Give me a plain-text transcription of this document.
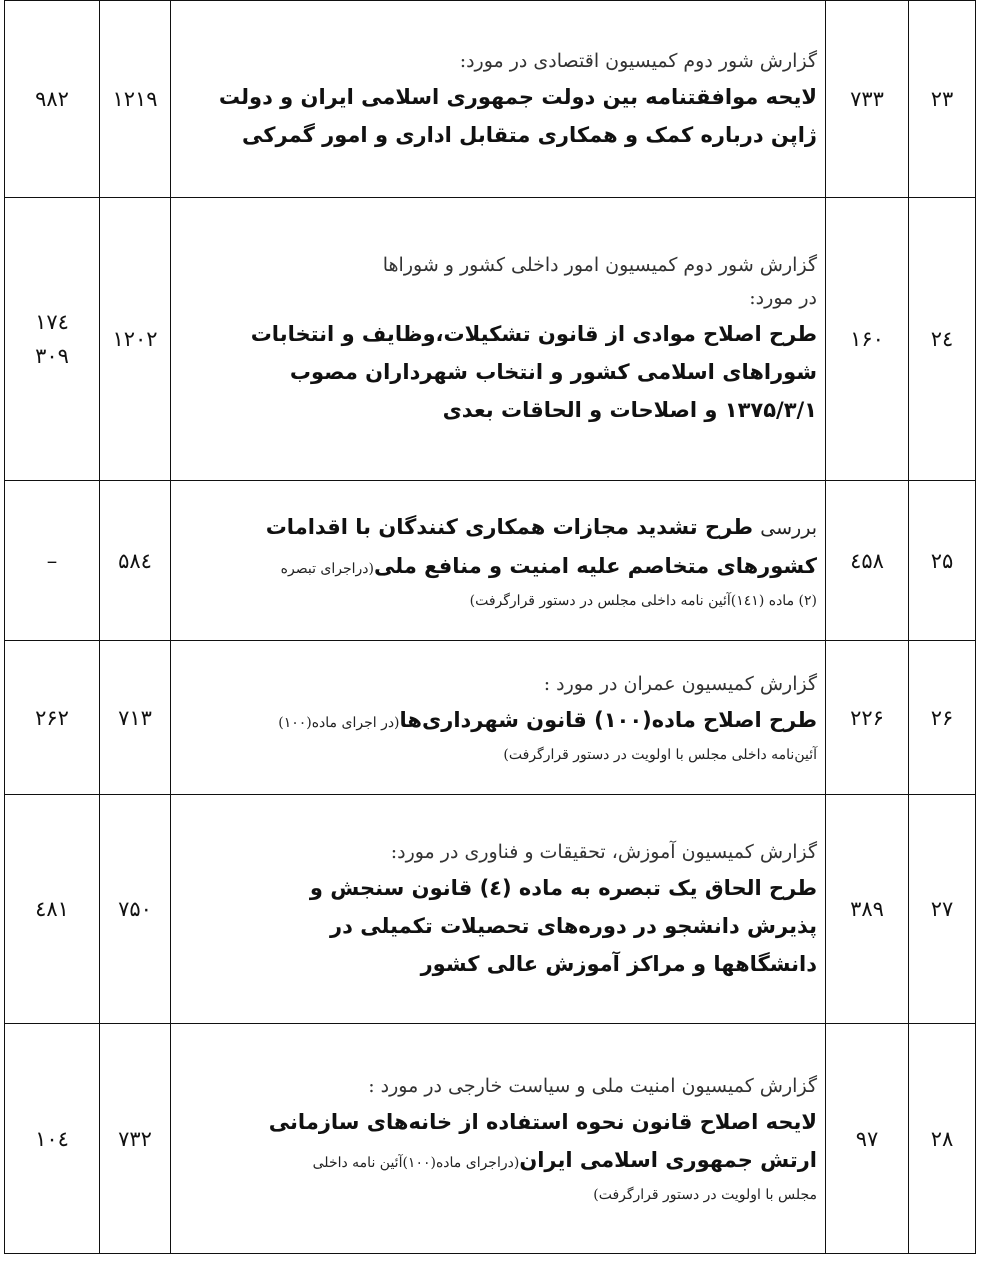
۲۳	۷۳۳	گزارش شور دوم کمیسیون اقتصادی در مورد:
لایحه موافقتنامه بین دولت جمهوری اسلامی ایران و دولت
ژاپن درباره کمک و همکاری متقابل اداری و امور گمرکی	۱۲۱۹	۹۸۲

۲٤	۱۶۰	گزارش شور دوم کمیسیون امور داخلی کشور و شوراها
در مورد:
طرح اصلاح موادی از قانون تشکیلات،وظایف و انتخابات
شوراهای اسلامی کشور و انتخاب شهرداران مصوب
۱۳۷۵/۳/۱ و اصلاحات و الحاقات بعدی	۱۲۰۲	۱۷٤
۳۰۹

۲۵	٤۵۸	بررسی طرح تشدید مجازات همکاری کنندگان با اقدامات
کشورهای متخاصم علیه امنیت و منافع ملی(دراجرای تبصره
(۲) ماده (۱٤۱)آئین نامه داخلی مجلس در دستور قرارگرفت)	۵۸٤	–

۲۶	۲۲۶	گزارش کمیسیون عمران در مورد :
طرح اصلاح ماده(۱۰۰) قانون شهرداری‌ها(در اجرای ماده(۱۰۰)
آئین‌نامه داخلی مجلس با اولویت در دستور قرارگرفت)	۷۱۳	۲۶۲

۲۷	۳۸۹	گزارش کمیسیون آموزش، تحقیقات و فناوری در مورد:
طرح الحاق یک تبصره به ماده (٤) قانون سنجش و
پذیرش دانشجو در دوره‌های تحصیلات تکمیلی در
دانشگاهها و مراکز آموزش عالی کشور	۷۵۰	٤۸۱

۲۸	۹۷	گزارش کمیسیون امنیت ملی و سیاست خارجی در مورد :
لایحه اصلاح قانون نحوه استفاده از خانه‌های سازمانی
ارتش جمهوری اسلامی ایران(دراجرای ماده(۱۰۰)آئین نامه داخلی
مجلس با اولویت در دستور قرارگرفت)	۷۳۲	۱۰٤
